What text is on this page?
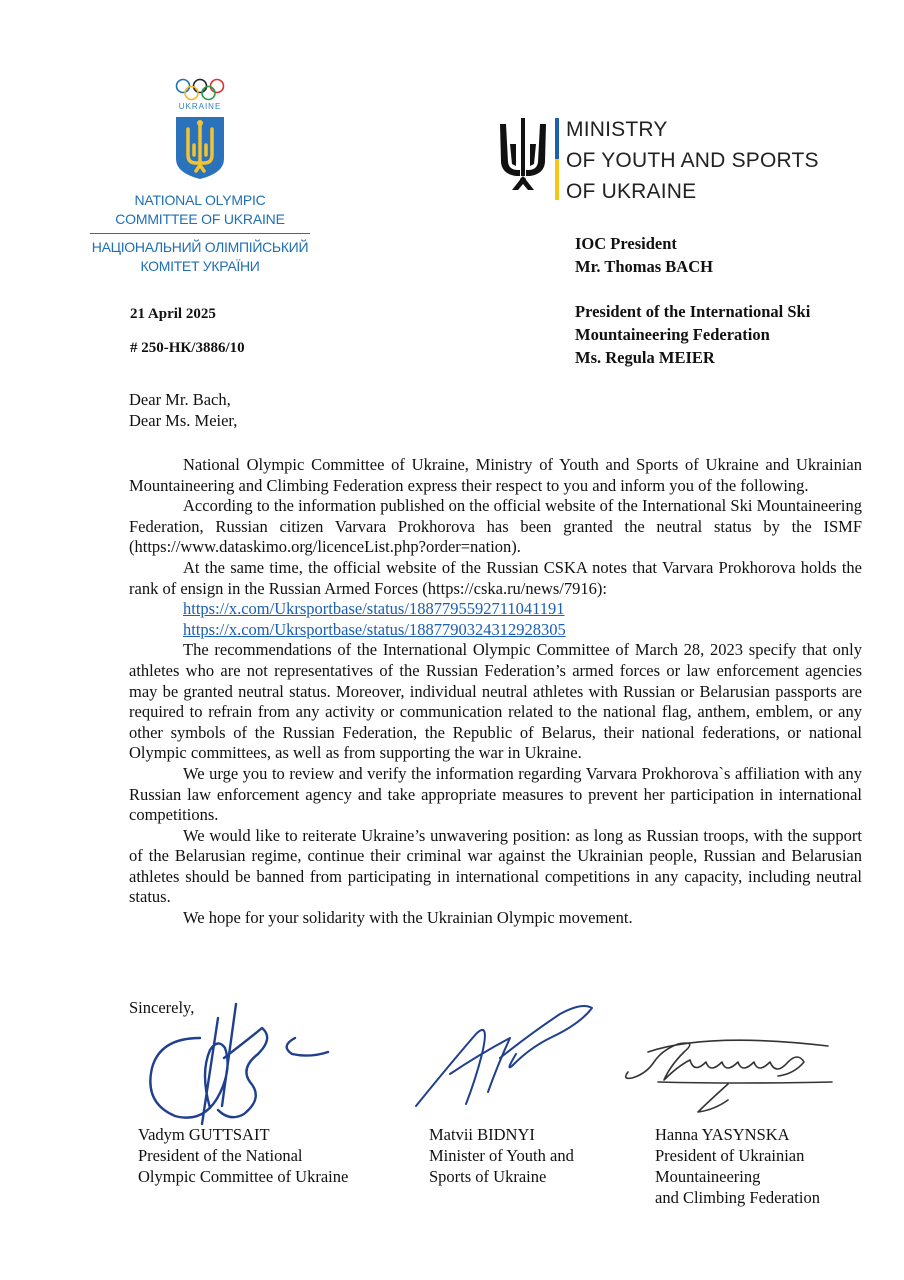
UKRAINE
NATIONAL OLYMPIC
COMMITTEE OF UKRAINE
НАЦІОНАЛЬНИЙ ОЛІМПІЙСЬКИЙ
КОМІТЕТ УКРАЇНИ
MINISTRY
OF YOUTH AND SPORTS
OF UKRAINE
IOC President
Mr. Thomas BACH
President of the International Ski
Mountaineering Federation
Ms. Regula MEIER
21 April 2025
# 250-НК/3886/10
Dear Mr. Bach,
Dear Ms. Meier,

National Olympic Committee of Ukraine, Ministry of Youth and Sports of Ukraine and Ukrainian Mountaineering and Climbing Federation express their respect to you and inform you of the following.

According to the information published on the official website of the International Ski Mountaineering Federation, Russian citizen Varvara Prokhorova has been granted the neutral status by the ISMF (https://www.dataskimo.org/licenceList.php?order=nation).

At the same time, the official website of the Russian CSKA notes that Varvara Prokhorova holds the rank of ensign in the Russian Armed Forces (https://cska.ru/news/7916):

https://x.com/Ukrsportbase/status/1887795592711041191
https://x.com/Ukrsportbase/status/1887790324312928305

The recommendations of the International Olympic Committee of March 28, 2023 specify that only athletes who are not representatives of the Russian Federation’s armed forces or law enforcement agencies may be granted neutral status. Moreover, individual neutral athletes with Russian or Belarusian passports are required to refrain from any activity or communication related to the national flag, anthem, emblem, or any other symbols of the Russian Federation, the Republic of Belarus, their national federations, or national Olympic committees, as well as from supporting the war in Ukraine.

We urge you to review and verify the information regarding Varvara Prokhorova`s affiliation with any Russian law enforcement agency and take appropriate measures to prevent her participation in international competitions.

We would like to reiterate Ukraine’s unwavering position: as long as Russian troops, with the support of the Belarusian regime, continue their criminal war against the Ukrainian people, Russian and Belarusian athletes should be banned from participating in international competitions in any capacity, including neutral status.

We hope for your solidarity with the Ukrainian Olympic movement.

Sincerely,
Vadym GUTTSAIT
President of the National
Olympic Committee of Ukraine
Matvii BIDNYI
Minister of Youth and
Sports of Ukraine
Hanna YASYNSKA
President of Ukrainian
Mountaineering
and Climbing Federation
